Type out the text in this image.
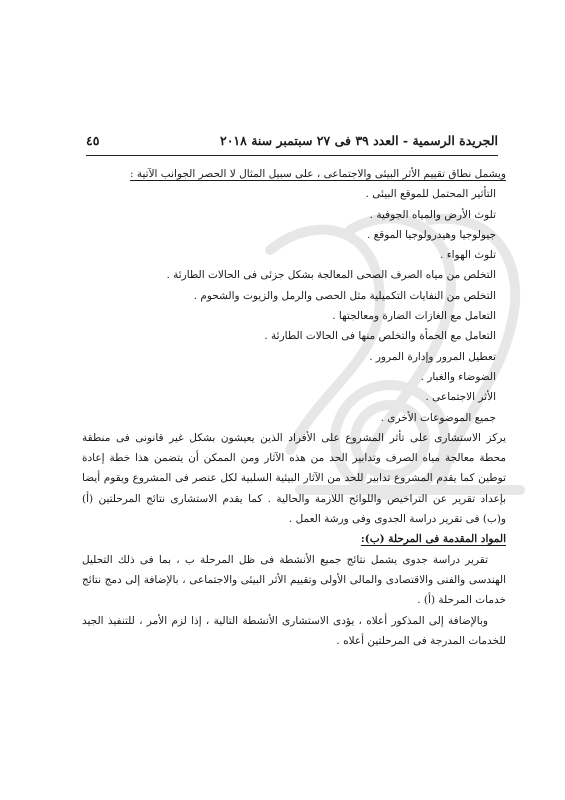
الجريدة الرسمية - العدد ٣٩ فى ٢٧ سبتمبر سنة ٢٠١٨
٤٥
ويشمل نطاق تقييم الأثر البيئى والاجتماعى ، على سبيل المثال لا الحصر الجوانب الآتية :
التأثير المحتمل للموقع البيئى .
تلوث الأرض والمياه الجوفية .
جيولوجيا وهيدرولوجيا الموقع .
تلوث الهواء .
التخلص من مياه الصرف الصحى المعالجة بشكل جزئى فى الحالات الطارئة .
التخلص من النفايات التكميلية مثل الحصى والرمل والزيوت والشحوم .
التعامل مع الغازات الضارة ومعالجتها .
التعامل مع الحمأة والتخلص منها فى الحالات الطارئة .
تعطيل المرور وإدارة المرور .
الضوضاء والغبار .
الأثر الاجتماعى .
جميع الموضوعات الأخرى .
يركز الاستشارى على تأثر المشروع على الأفراد الذين يعيشون بشكل غير قانونى فى منطقة محطة معالجة مياه الصرف وتدابير الحد من هذه الآثار ومن الممكن أن يتضمن هذا خطة إعادة توطين كما يقدم المشروع تدابير للحد من الآثار البيئية السلبية لكل عنصر فى المشروع ويقوم أيضا بإعداد تقرير عن التراخيص واللوائح اللازمة والحالية . كما يقدم الاستشارى نتائج المرحلتين (أ) و(ب) فى تقرير دراسة الجدوى وفى ورشة العمل .
المواد المقدمة فى المرحلة (ب):
تقرير دراسة جدوى يشمل نتائج جميع الأنشطة فى ظل المرحلة ب ، بما فى ذلك التحليل الهندسى والفنى والاقتصادى والمالى الأولى وتقييم الأثر البيئى والاجتماعى ، بالإضافة إلى دمج نتائج خدمات المرحلة (أ) .
وبالإضافة إلى المذكور أعلاه ، يؤدى الاستشارى الأنشطة التالية ، إذا لزم الأمر ، للتنفيذ الجيد للخدمات المدرجة فى المرحلتين أعلاه .
